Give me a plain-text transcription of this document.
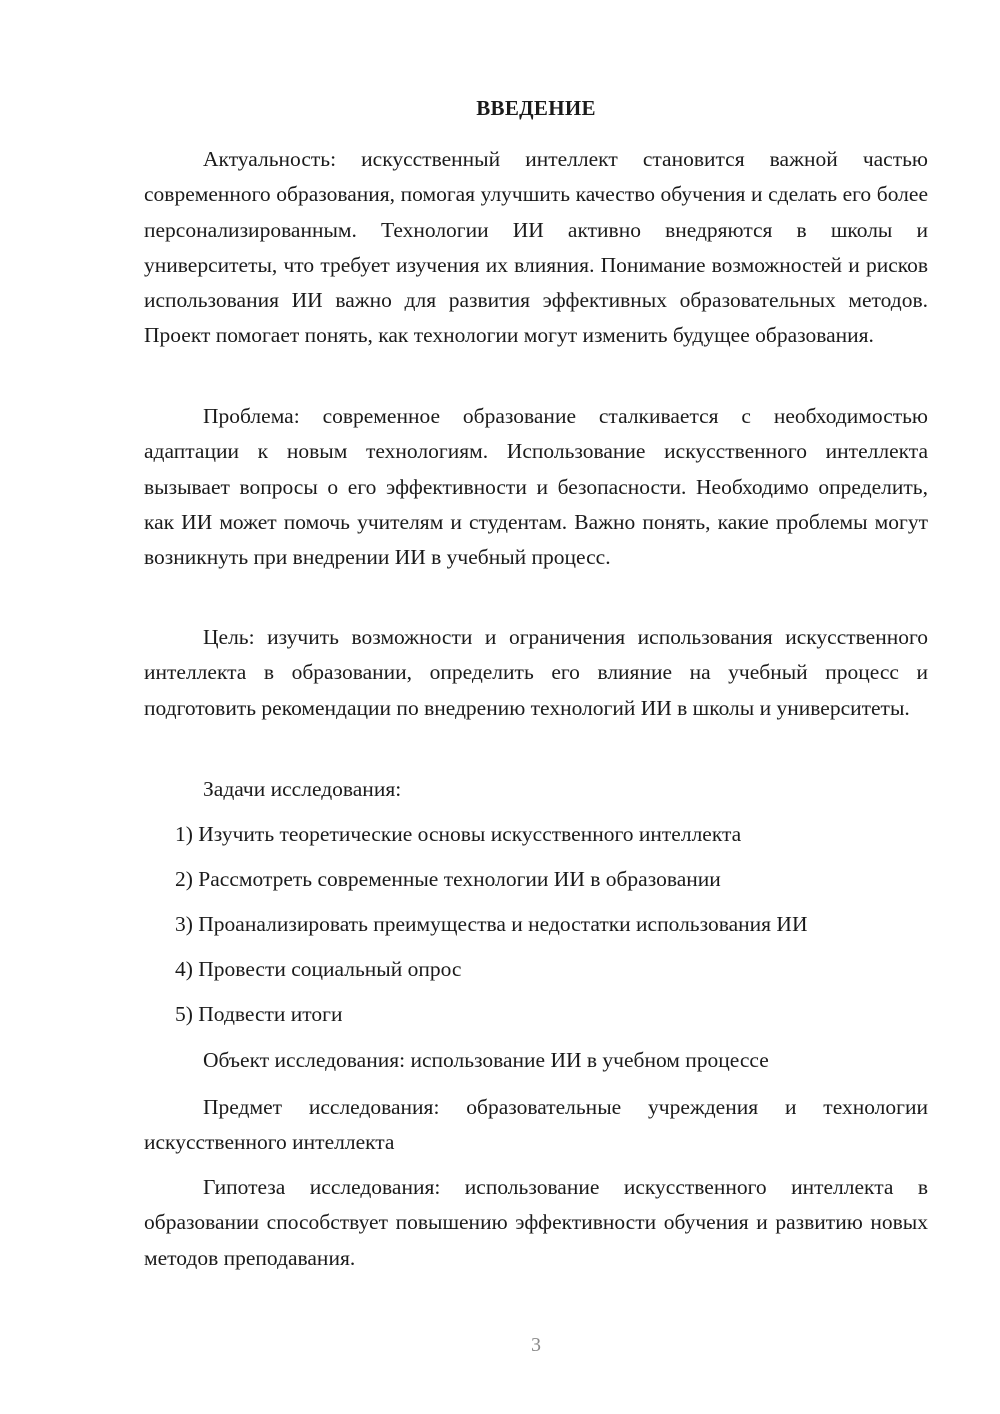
ВВЕДЕНИЕ

Актуальность: искусственный интеллект становится важной частью современного образования, помогая улучшить качество обучения и сделать его более персонализированным. Технологии ИИ активно внедряются в школы и университеты, что требует изучения их влияния. Понимание возможностей и рисков использования ИИ важно для развития эффективных образовательных методов. Проект помогает понять, как технологии могут изменить будущее образования.

Проблема: современное образование сталкивается с необходимостью адаптации к новым технологиям. Использование искусственного интеллекта вызывает вопросы о его эффективности и безопасности. Необходимо определить, как ИИ может помочь учителям и студентам. Важно понять, какие проблемы могут возникнуть при внедрении ИИ в учебный процесс.

Цель: изучить возможности и ограничения использования искусственного интеллекта в образовании, определить его влияние на учебный процесс и подготовить рекомендации по внедрению технологий ИИ в школы и университеты.

Задачи исследования:

1) Изучить теоретические основы искусственного интеллекта

2) Рассмотреть современные технологии ИИ в образовании

3) Проанализировать преимущества и недостатки использования ИИ

4) Провести социальный опрос

5) Подвести итоги

Объект исследования: использование ИИ в учебном процессе

Предмет исследования: образовательные учреждения и технологии искусственного интеллекта

Гипотеза исследования: использование искусственного интеллекта в образовании способствует повышению эффективности обучения и развитию новых методов преподавания.

3
